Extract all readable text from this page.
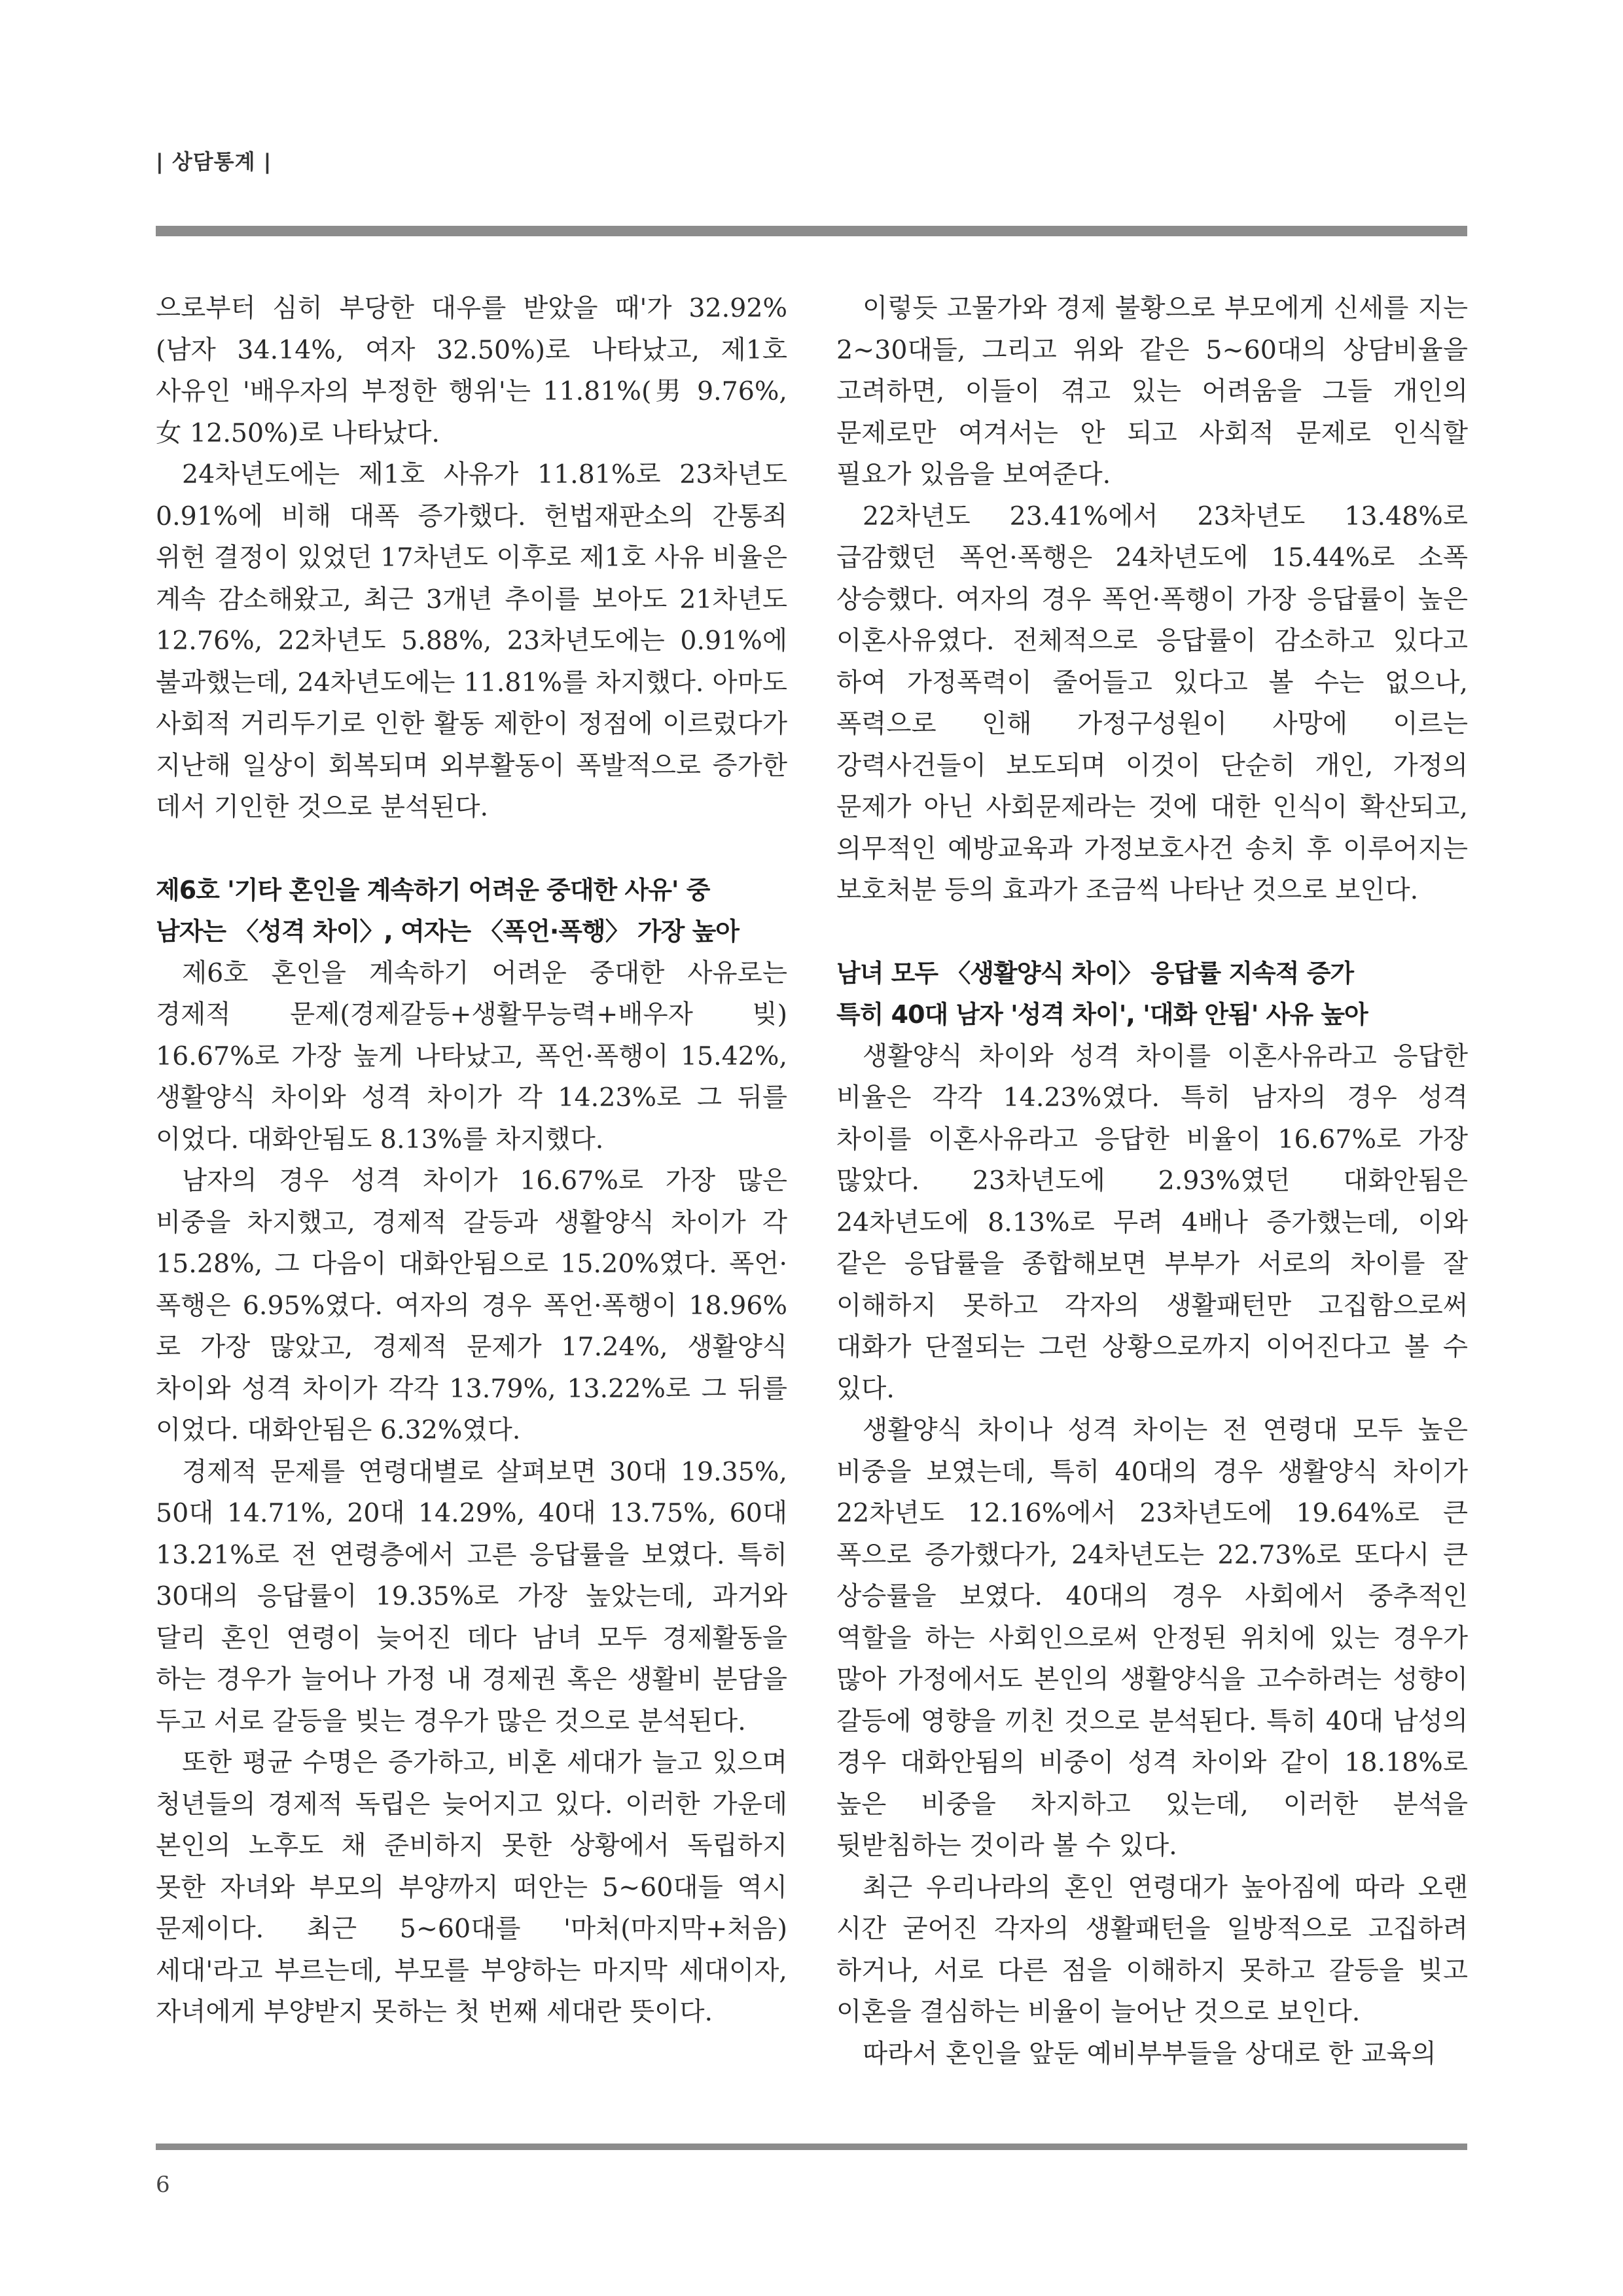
| 상담통계 |

으로부터 심히 부당한 대우를 받았을 때'가 32.92%(남자 34.14%, 여자 32.50%)로 나타났고, 제1호 사유인 '배우자의 부정한 행위'는 11.81%(男 9.76%, 女 12.50%)로 나타났다.

24차년도에는 제1호 사유가 11.81%로 23차년도 0.91%에 비해 대폭 증가했다. 헌법재판소의 간통죄 위헌 결정이 있었던 17차년도 이후로 제1호 사유 비율은 계속 감소해왔고, 최근 3개년 추이를 보아도 21차년도 12.76%, 22차년도 5.88%, 23차년도에는 0.91%에 불과했는데, 24차년도에는 11.81%를 차지했다. 아마도 사회적 거리두기로 인한 활동 제한이 정점에 이르렀다가 지난해 일상이 회복되며 외부활동이 폭발적으로 증가한 데서 기인한 것으로 분석된다.

제6호 '기타 혼인을 계속하기 어려운 중대한 사유' 중

남자는 〈성격 차이〉, 여자는 〈폭언·폭행〉 가장 높아

제6호 혼인을 계속하기 어려운 중대한 사유로는 경제적 문제(경제갈등+생활무능력+배우자 빚) 16.67%로 가장 높게 나타났고, 폭언·폭행이 15.42%, 생활양식 차이와 성격 차이가 각 14.23%로 그 뒤를 이었다. 대화안됨도 8.13%를 차지했다.

남자의 경우 성격 차이가 16.67%로 가장 많은 비중을 차지했고, 경제적 갈등과 생활양식 차이가 각 15.28%, 그 다음이 대화안됨으로 15.20%였다. 폭언·폭행은 6.95%였다. 여자의 경우 폭언·폭행이 18.96%로 가장 많았고, 경제적 문제가 17.24%, 생활양식 차이와 성격 차이가 각각 13.79%, 13.22%로 그 뒤를 이었다. 대화안됨은 6.32%였다.

경제적 문제를 연령대별로 살펴보면 30대 19.35%, 50대 14.71%, 20대 14.29%, 40대 13.75%, 60대 13.21%로 전 연령층에서 고른 응답률을 보였다. 특히 30대의 응답률이 19.35%로 가장 높았는데, 과거와 달리 혼인 연령이 늦어진 데다 남녀 모두 경제활동을 하는 경우가 늘어나 가정 내 경제권 혹은 생활비 분담을 두고 서로 갈등을 빚는 경우가 많은 것으로 분석된다.

또한 평균 수명은 증가하고, 비혼 세대가 늘고 있으며 청년들의 경제적 독립은 늦어지고 있다. 이러한 가운데 본인의 노후도 채 준비하지 못한 상황에서 독립하지 못한 자녀와 부모의 부양까지 떠안는 5~60대들 역시 문제이다. 최근 5~60대를 '마처(마지막+처음) 세대'라고 부르는데, 부모를 부양하는 마지막 세대이자, 자녀에게 부양받지 못하는 첫 번째 세대란 뜻이다.

이렇듯 고물가와 경제 불황으로 부모에게 신세를 지는 2~30대들, 그리고 위와 같은 5~60대의 상담비율을 고려하면, 이들이 겪고 있는 어려움을 그들 개인의 문제로만 여겨서는 안 되고 사회적 문제로 인식할 필요가 있음을 보여준다.

22차년도 23.41%에서 23차년도 13.48%로 급감했던 폭언·폭행은 24차년도에 15.44%로 소폭 상승했다. 여자의 경우 폭언·폭행이 가장 응답률이 높은 이혼사유였다. 전체적으로 응답률이 감소하고 있다고 하여 가정폭력이 줄어들고 있다고 볼 수는 없으나, 폭력으로 인해 가정구성원이 사망에 이르는 강력사건들이 보도되며 이것이 단순히 개인, 가정의 문제가 아닌 사회문제라는 것에 대한 인식이 확산되고, 의무적인 예방교육과 가정보호사건 송치 후 이루어지는 보호처분 등의 효과가 조금씩 나타난 것으로 보인다.

남녀 모두 〈생활양식 차이〉 응답률 지속적 증가

특히 40대 남자 '성격 차이', '대화 안됨' 사유 높아

생활양식 차이와 성격 차이를 이혼사유라고 응답한 비율은 각각 14.23%였다. 특히 남자의 경우 성격 차이를 이혼사유라고 응답한 비율이 16.67%로 가장 많았다. 23차년도에 2.93%였던 대화안됨은 24차년도에 8.13%로 무려 4배나 증가했는데, 이와 같은 응답률을 종합해보면 부부가 서로의 차이를 잘 이해하지 못하고 각자의 생활패턴만 고집함으로써 대화가 단절되는 그런 상황으로까지 이어진다고 볼 수 있다.

생활양식 차이나 성격 차이는 전 연령대 모두 높은 비중을 보였는데, 특히 40대의 경우 생활양식 차이가 22차년도 12.16%에서 23차년도에 19.64%로 큰 폭으로 증가했다가, 24차년도는 22.73%로 또다시 큰 상승률을 보였다. 40대의 경우 사회에서 중추적인 역할을 하는 사회인으로써 안정된 위치에 있는 경우가 많아 가정에서도 본인의 생활양식을 고수하려는 성향이 갈등에 영향을 끼친 것으로 분석된다. 특히 40대 남성의 경우 대화안됨의 비중이 성격 차이와 같이 18.18%로 높은 비중을 차지하고 있는데, 이러한 분석을 뒷받침하는 것이라 볼 수 있다.

최근 우리나라의 혼인 연령대가 높아짐에 따라 오랜 시간 굳어진 각자의 생활패턴을 일방적으로 고집하려 하거나, 서로 다른 점을 이해하지 못하고 갈등을 빚고 이혼을 결심하는 비율이 늘어난 것으로 보인다.

따라서 혼인을 앞둔 예비부부들을 상대로 한 교육의

6
